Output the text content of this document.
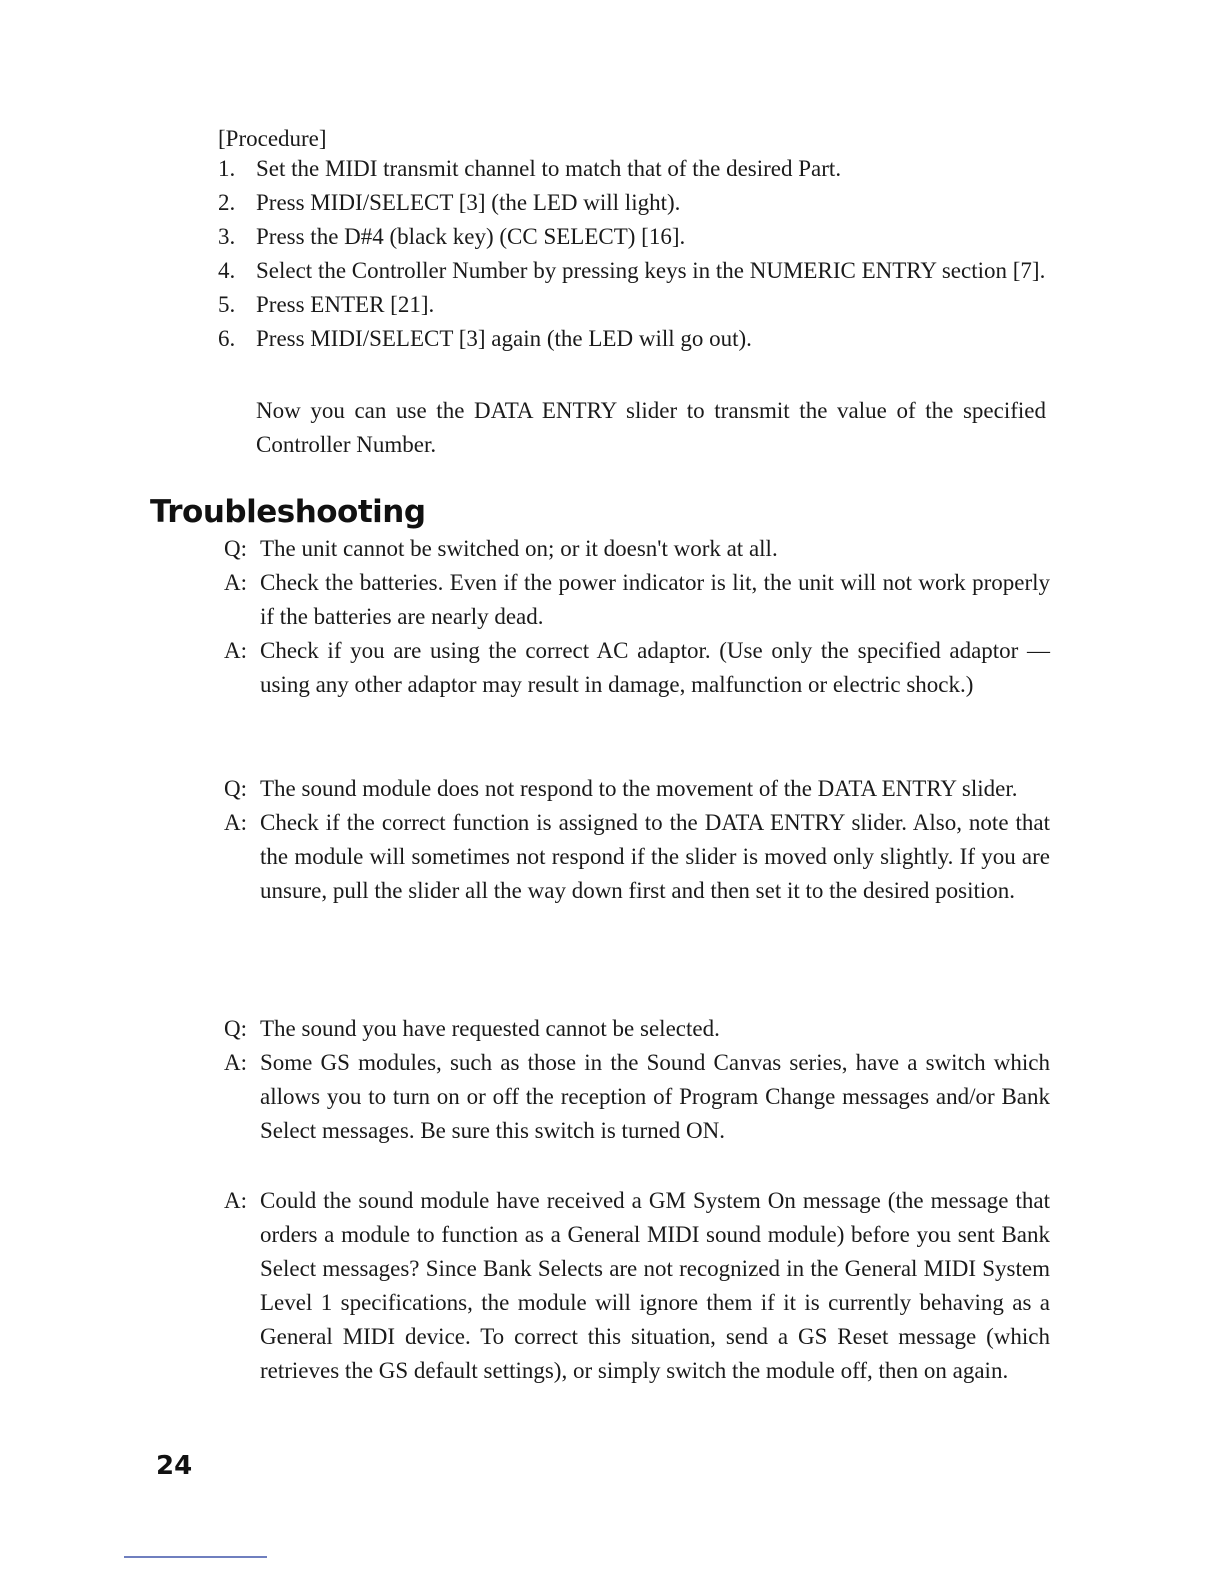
[Procedure]
1. Set the MIDI transmit channel to match that of the desired Part.
2. Press MIDI/SELECT [3] (the LED will light).
3. Press the D#4 (black key) (CC SELECT) [16].
4. Select the Controller Number by pressing keys in the NUMERIC ENTRY section [7].
5. Press ENTER [21].
6. Press MIDI/SELECT [3] again (the LED will go out).
Now you can use the DATA ENTRY slider to transmit the value of the specified Controller Number.
Troubleshooting
Q: The unit cannot be switched on; or it doesn't work at all.
A: Check the batteries. Even if the power indicator is lit, the unit will not work properly if the batteries are nearly dead.
A: Check if you are using the correct AC adaptor. (Use only the specified adaptor — using any other adaptor may result in damage, malfunction or electric shock.)
Q: The sound module does not respond to the movement of the DATA ENTRY slider.
A: Check if the correct function is assigned to the DATA ENTRY slider. Also, note that the module will sometimes not respond if the slider is moved only slightly. If you are unsure, pull the slider all the way down first and then set it to the desired position.
Q: The sound you have requested cannot be selected.
A: Some GS modules, such as those in the Sound Canvas series, have a switch which allows you to turn on or off the reception of Program Change messages and/or Bank Select messages. Be sure this switch is turned ON.
A: Could the sound module have received a GM System On message (the message that orders a module to function as a General MIDI sound module) before you sent Bank Select messages? Since Bank Selects are not recognized in the General MIDI System Level 1 specifications, the module will ignore them if it is currently behaving as a General MIDI device. To correct this situation, send a GS Reset message (which retrieves the GS default settings), or simply switch the module off, then on again.
24
